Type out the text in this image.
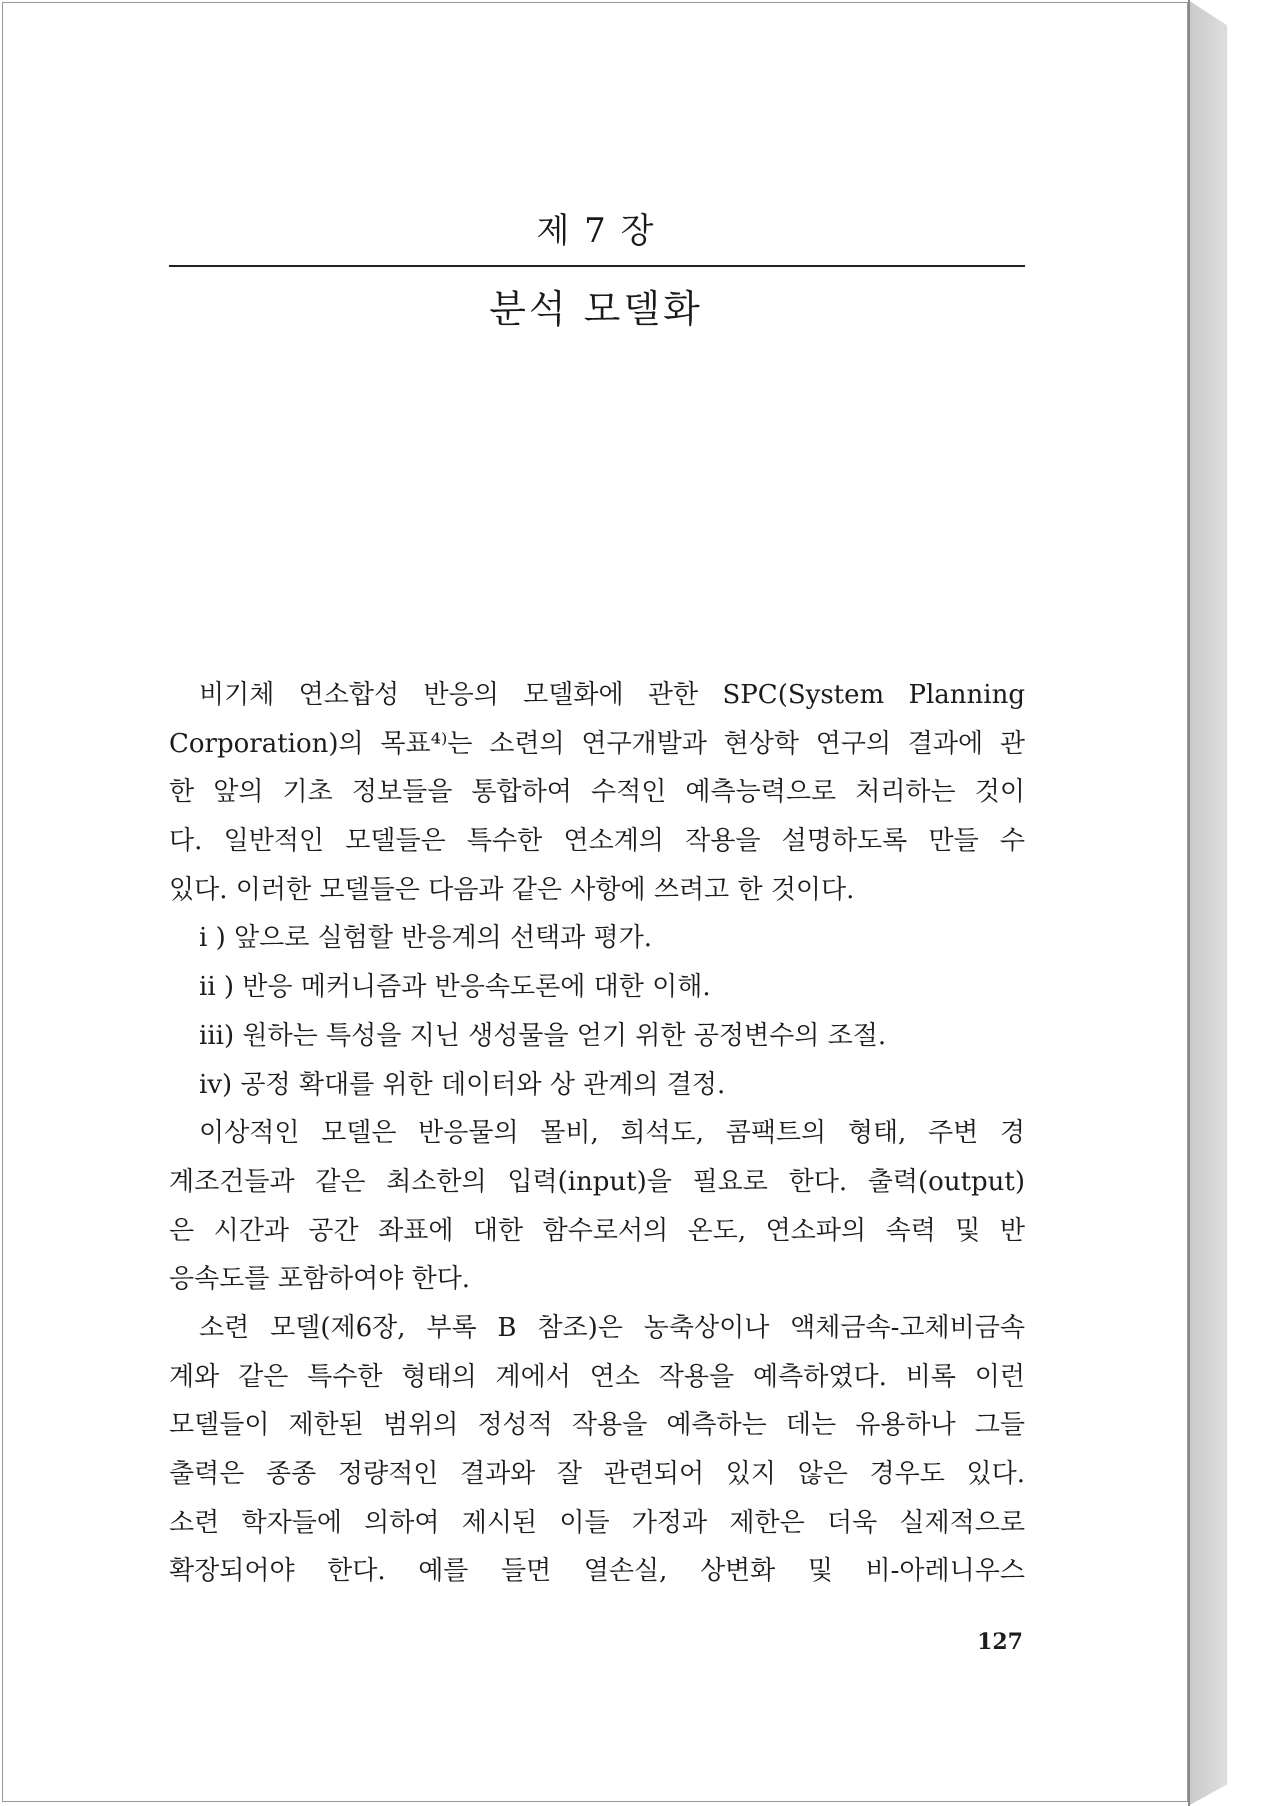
제 7 장
분석 모델화
비기체 연소합성 반응의 모델화에 관한 SPC(System Planning
Corporation)의 목표⁴⁾는 소련의 연구개발과 현상학 연구의 결과에 관
한 앞의 기초 정보들을 통합하여 수적인 예측능력으로 처리하는 것이
다. 일반적인 모델들은 특수한 연소계의 작용을 설명하도록 만들 수
있다. 이러한 모델들은 다음과 같은 사항에 쓰려고 한 것이다.
i ) 앞으로 실험할 반응계의 선택과 평가.
ii ) 반응 메커니즘과 반응속도론에 대한 이해.
iii) 원하는 특성을 지닌 생성물을 얻기 위한 공정변수의 조절.
iv) 공정 확대를 위한 데이터와 상 관계의 결정.
이상적인 모델은 반응물의 몰비, 희석도, 콤팩트의 형태, 주변 경
계조건들과 같은 최소한의 입력(input)을 필요로 한다. 출력(output)
은 시간과 공간 좌표에 대한 함수로서의 온도, 연소파의 속력 및 반
응속도를 포함하여야 한다.
소련 모델(제6장, 부록 B 참조)은 농축상이나 액체금속-고체비금속
계와 같은 특수한 형태의 계에서 연소 작용을 예측하였다. 비록 이런
모델들이 제한된 범위의 정성적 작용을 예측하는 데는 유용하나 그들
출력은 종종 정량적인 결과와 잘 관련되어 있지 않은 경우도 있다.
소련 학자들에 의하여 제시된 이들 가정과 제한은 더욱 실제적으로
확장되어야 한다. 예를 들면 열손실, 상변화 및 비-아레니우스
127
